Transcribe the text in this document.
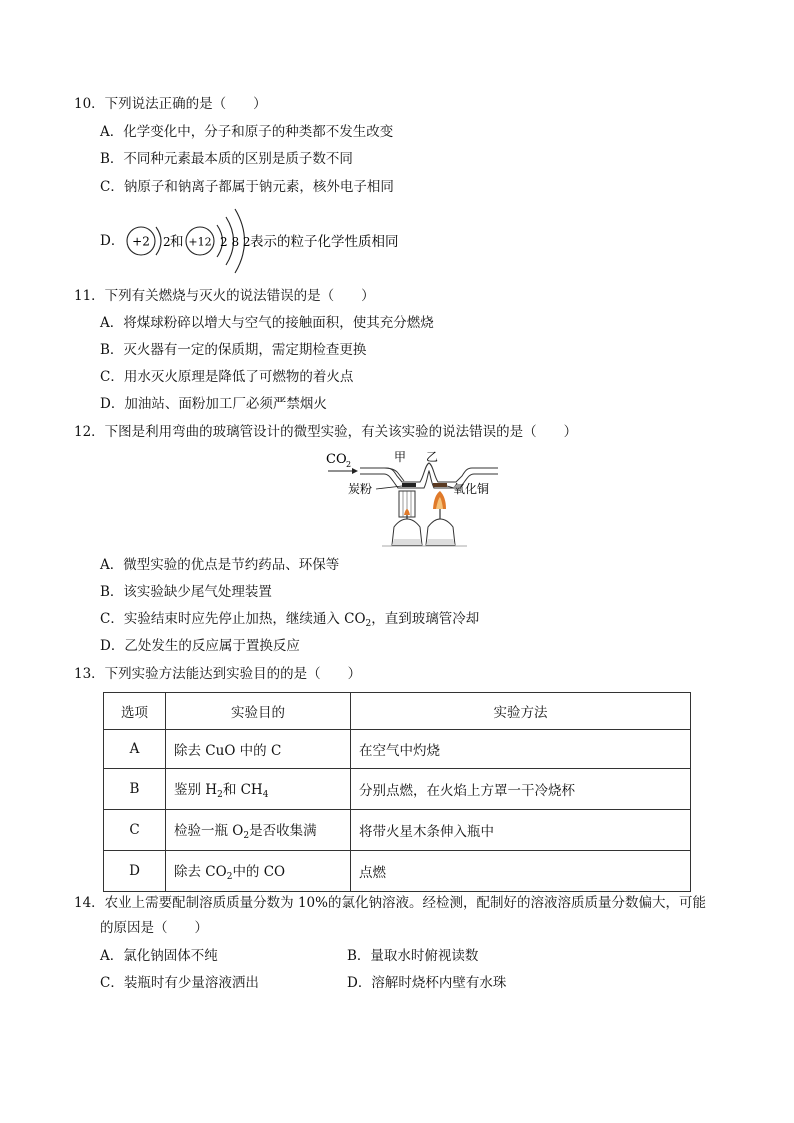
10．下列说法正确的是（　　）
A．化学变化中，分子和原子的种类都不发生改变
B．不同种元素最本质的区别是质子数不同
C．钠原子和钠离子都属于钠元素，核外电子相同
D． +2 2 和 +12 2 8 2 表示的粒子化学性质相同
11．下列有关燃烧与灭火的说法错误的是（　　）
A．将煤球粉碎以增大与空气的接触面积，使其充分燃烧
B．灭火器有一定的保质期，需定期检查更换
C．用水灭火原理是降低了可燃物的着火点
D．加油站、面粉加工厂必须严禁烟火
12．下图是利用弯曲的玻璃管设计的微型实验，有关该实验的说法错误的是（　　）
CO 2
甲 乙
炭粉	氧化铜
A．微型实验的优点是节约药品、环保等
B．该实验缺少尾气处理装置
C．实验结束时应先停止加热，继续通入 $CO_2$，直到玻璃管冷却
D．乙处发生的反应属于置换反应
13．下列实验方法能达到实验目的的是（　　）
选项	实验目的	实验方法
A	除去 CuO 中的 C	在空气中灼烧
B	鉴别 $H_2$和 $CH_4$	分别点燃，在火焰上方罩一干冷烧杯
C	检验一瓶 $O_2$是否收集满	将带火星木条伸入瓶中
D	除去 $CO_2$中的 CO	点燃
14．农业上需要配制溶质质量分数为 10%的氯化钠溶液。经检测，配制好的溶液溶质质量分数偏大，可能
的原因是（　　）
A．氯化钠固体不纯	B．量取水时俯视读数
C．装瓶时有少量溶液洒出	D．溶解时烧杯内壁有水珠
